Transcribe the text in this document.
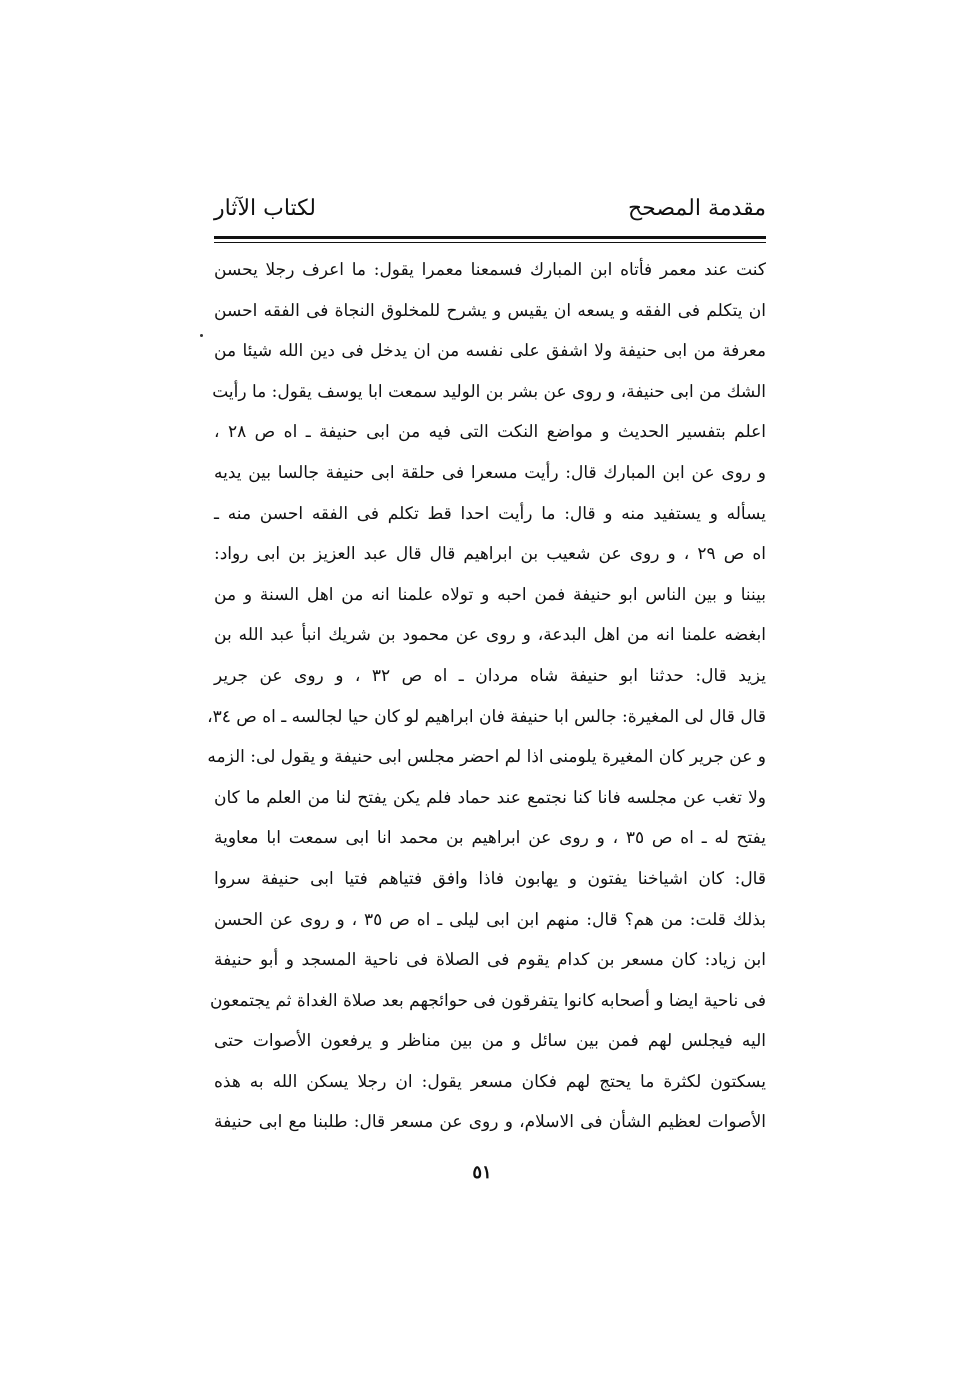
مقدمة المصحح
لكتاب الآثار
كنت عند معمر فأتاه ابن المبارك فسمعنا معمرا يقول: ما اعرف رجلا يحسن
ان يتكلم فى الفقه و يسعه ان يقيس و يشرح للمخلوق النجاة فى الفقه احسن
معرفة من ابى حنيفة ولا اشفق على نفسه من ان يدخل فى دين الله شيئا من
الشك من ابى حنيفة، و روى عن بشر بن الوليد سمعت ابا يوسف يقول: ما رأيت
اعلم بتفسير الحديث و مواضع النكت التى فيه من ابى حنيفة ـ اه ص ٢٨ ،
و روى عن ابن المبارك قال: رأيت مسعرا فى حلقة ابى حنيفة جالسا بين يديه
يسأله و يستفيد منه و قال: ما رأيت احدا قط تكلم فى الفقه احسن منه ـ
اه ص ٢٩ ، و روى عن شعيب بن ابراهيم قال قال عبد العزيز بن ابى رواد:
بيننا و بين الناس ابو حنيفة فمن احبه و تولاه علمنا انه من اهل السنة و من
ابغضه علمنا انه من اهل البدعة، و روى عن محمود بن شريك انبأ عبد الله بن
يزيد قال: حدثنا ابو حنيفة شاه مردان ـ اه ص ٣٢ ، و روى عن جرير
قال قال لى المغيرة: جالس ابا حنيفة فان ابراهيم لو كان حيا لجالسه ـ اه ص ٣٤،
و عن جرير كان المغيرة يلومنى اذا لم احضر مجلس ابى حنيفة و يقول لى: الزمه
ولا تغب عن مجلسه فانا كنا نجتمع عند حماد فلم يكن يفتح لنا من العلم ما كان
يفتح له ـ اه ص ٣٥ ، و روى عن ابراهيم بن محمد انا ابى سمعت ابا معاوية
قال: كان اشياخنا يفتون و يهابون فاذا وافق فتياهم فتيا ابى حنيفة سروا
بذلك قلت: من هم؟ قال: منهم ابن ابى ليلى ـ اه ص ٣٥ ، و روى عن الحسن
ابن زياد: كان مسعر بن كدام يقوم فى الصلاة فى ناحية المسجد و أبو حنيفة
فى ناحية ايضا و أصحابه كانوا يتفرقون فى حوائجهم بعد صلاة الغداة ثم يجتمعون
اليه فيجلس لهم فمن بين سائل و من بين مناظر و يرفعون الأصوات حتى
يسكتون لكثرة ما يحتج لهم فكان مسعر يقول: ان رجلا يسكن الله به هذه
الأصوات لعظيم الشأن فى الاسلام، و روى عن مسعر قال: طلبنا مع ابى حنيفة
٥١
